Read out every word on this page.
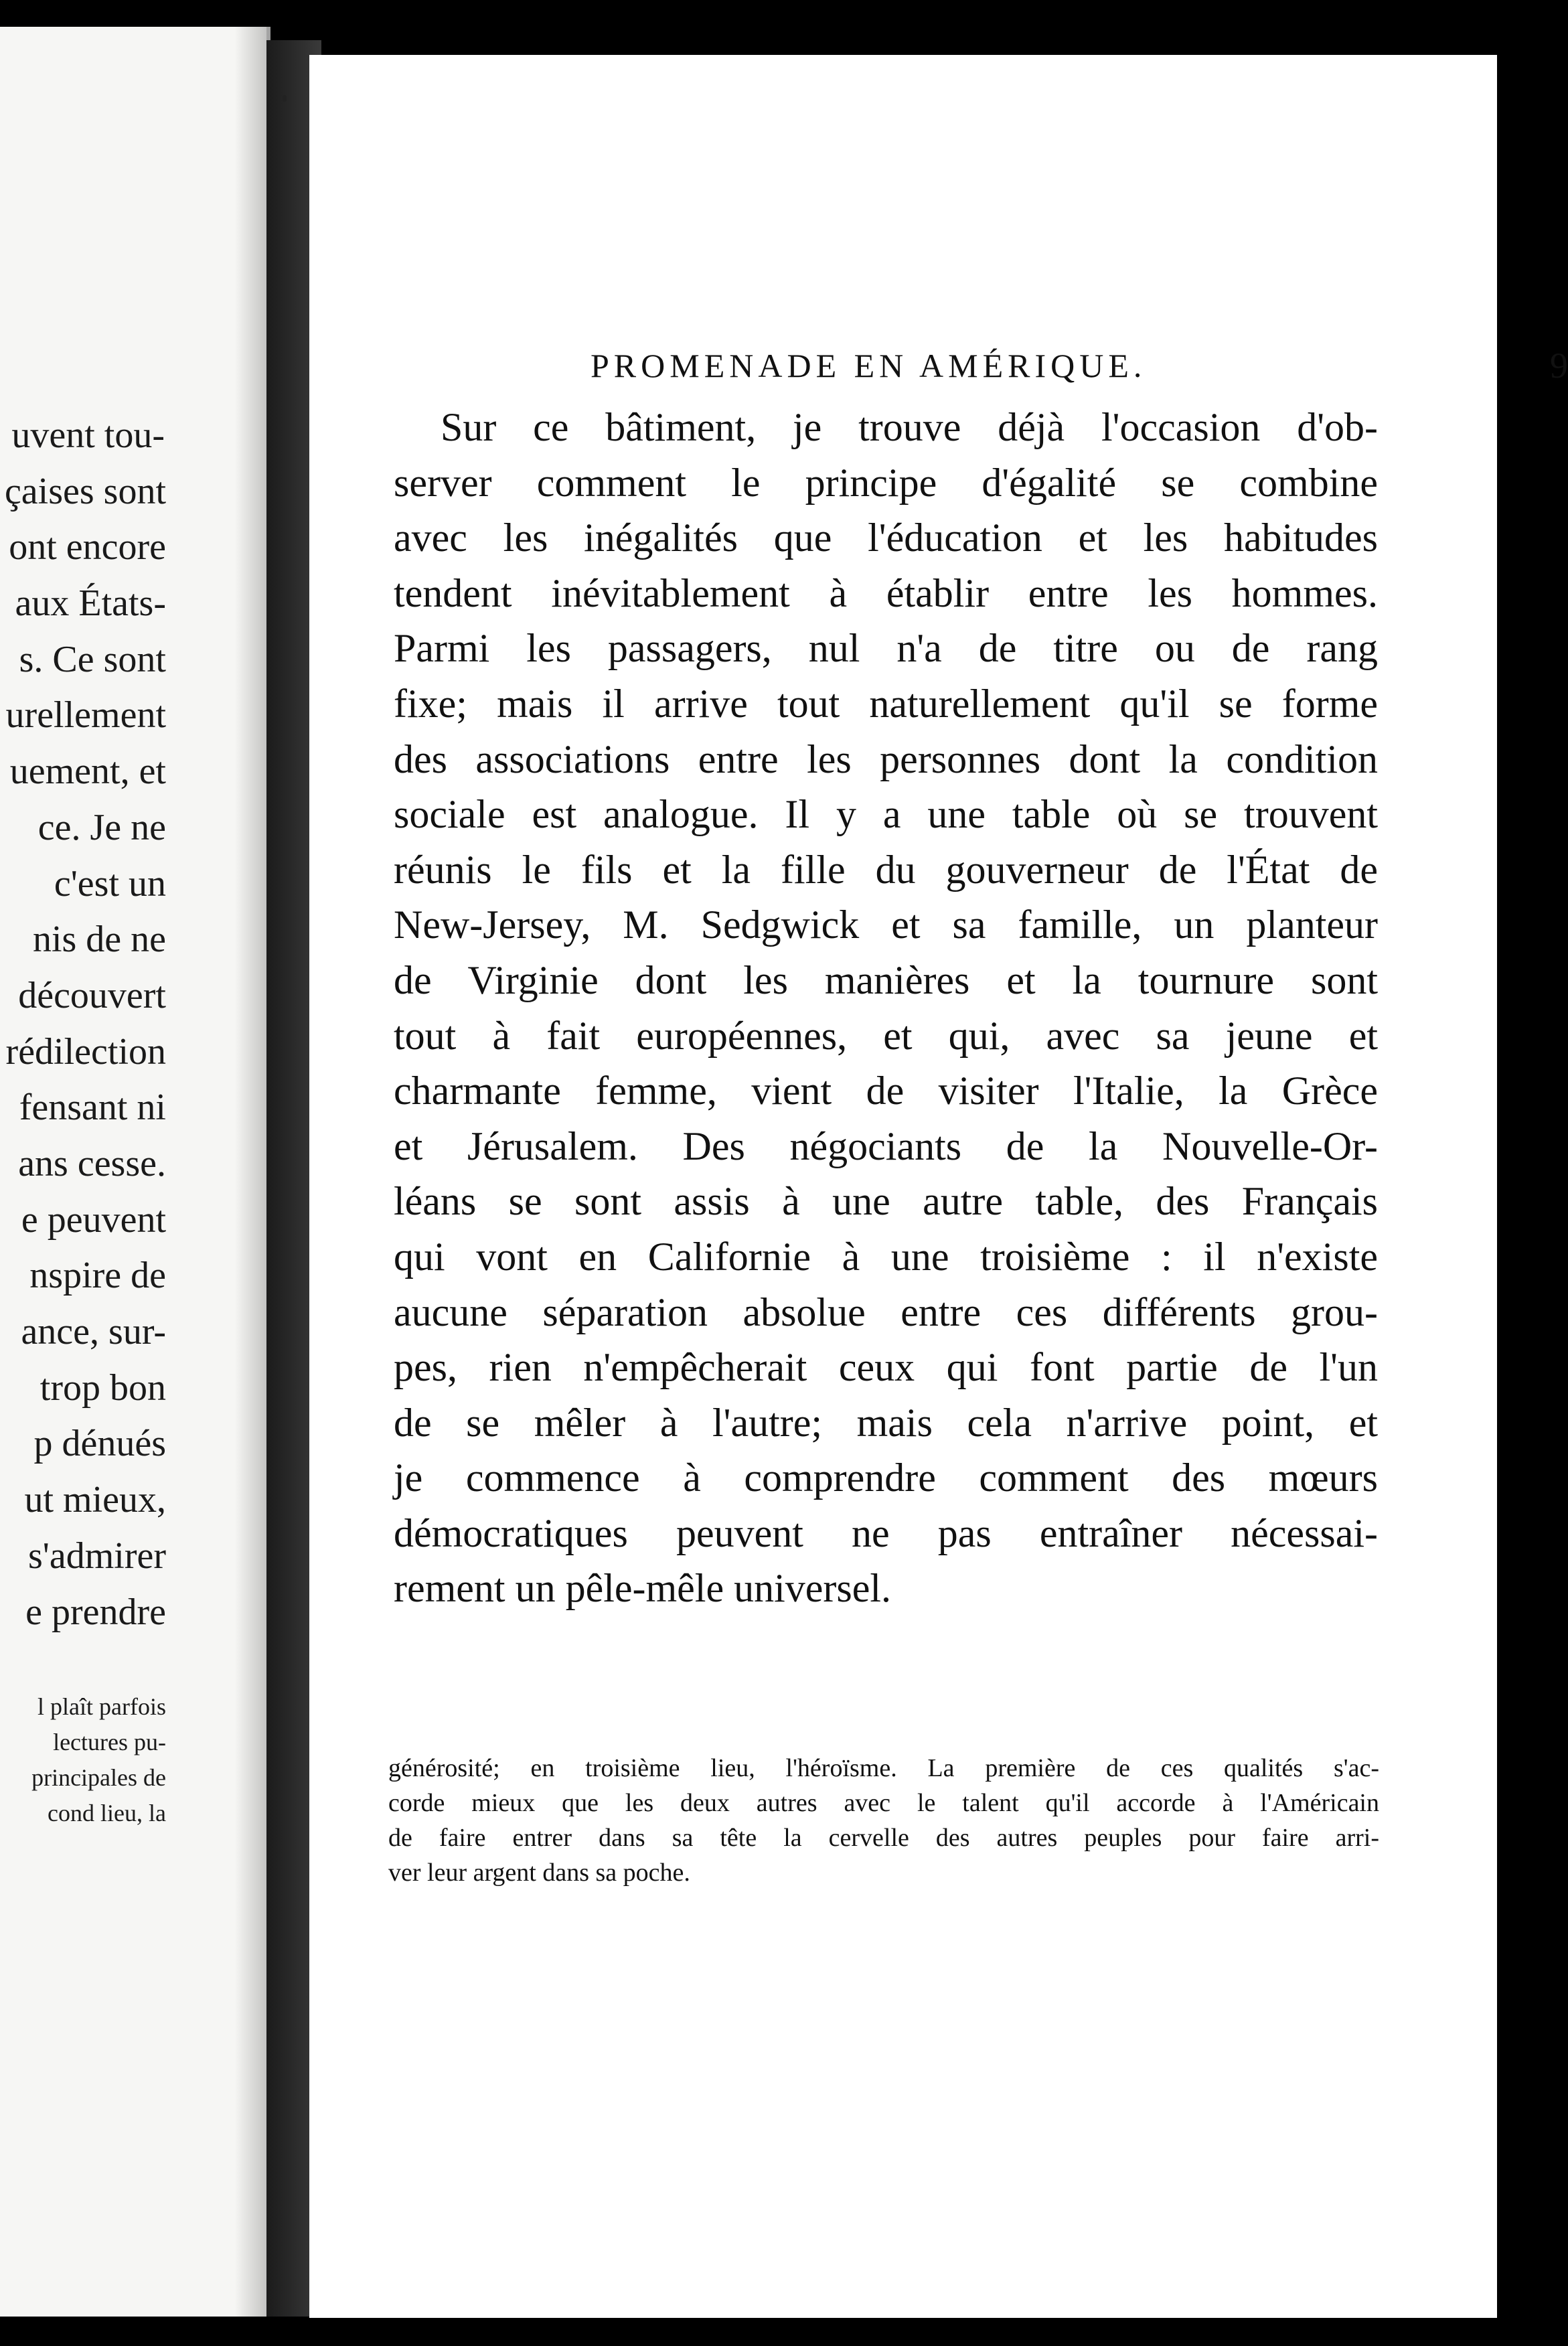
uvent tou-
çaises sont
ont encore
aux États-
s. Ce sont
urellement
uement, et
ce. Je ne
c'est un
nis de ne
découvert
rédilection
fensant ni
ans cesse.
e peuvent
nspire de
ance, sur-
trop bon
p dénués
ut mieux,
s'admirer
e prendre
l plaît parfois
lectures pu-
principales de
cond lieu, la
PROMENADE EN AMÉRIQUE.	9
Sur ce bâtiment, je trouve déjà l'occasion d'ob-
server comment le principe d'égalité se combine
avec les inégalités que l'éducation et les habitudes
tendent inévitablement à établir entre les hommes.
Parmi les passagers, nul n'a de titre ou de rang
fixe; mais il arrive tout naturellement qu'il se forme
des associations entre les personnes dont la condition
sociale est analogue. Il y a une table où se trouvent
réunis le fils et la fille du gouverneur de l'État de
New-Jersey, M. Sedgwick et sa famille, un planteur
de Virginie dont les manières et la tournure sont
tout à fait européennes, et qui, avec sa jeune et
charmante femme, vient de visiter l'Italie, la Grèce
et Jérusalem. Des négociants de la Nouvelle-Or-
léans se sont assis à une autre table, des Français
qui vont en Californie à une troisième : il n'existe
aucune séparation absolue entre ces différents grou-
pes, rien n'empêcherait ceux qui font partie de l'un
de se mêler à l'autre; mais cela n'arrive point, et
je commence à comprendre comment des mœurs
démocratiques peuvent ne pas entraîner nécessai-
rement un pêle-mêle universel.
générosité; en troisième lieu, l'héroïsme. La première de ces qualités s'ac-
corde mieux que les deux autres avec le talent qu'il accorde à l'Américain
de faire entrer dans sa tête la cervelle des autres peuples pour faire arri-
ver leur argent dans sa poche.
